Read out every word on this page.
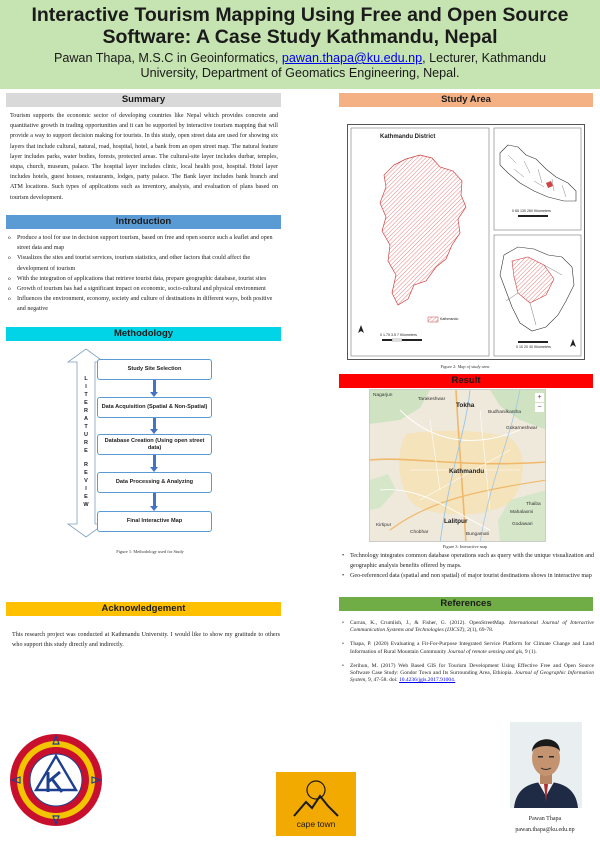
Interactive Tourism Mapping Using Free and Open Source
Software: A Case Study Kathmandu, Nepal
Pawan Thapa, M.S.C in Geoinformatics, pawan.thapa@ku.edu.np, Lecturer, Kathmandu
University, Department of Geomatics Engineering, Nepal.
Summary
Tourism supports the economic sector of developing countries like Nepal which provides concrete and quantitative growth in trading opportunities and it can be supported by interactive tourism mapping that will provide a way to support decision making for tourists. In this study, open street data are used for showing six layers that include cultural, natural, road, hospital, hotel, a bank from an open street map. The natural feature layer includes parks, water bodies, forests, protected areas. The cultural-site layer includes durbar, temples, stupa, church, museum, palace. The hospital layer includes clinic, local health post, hospital. Hotel layer includes hotels, guest houses, restaurants, lodges, party palace. The Bank layer includes bank branch and ATM locations. Such types of applications such as inventory, analysis, and evaluation of plans based on tourism development.
Introduction
o Produce a tool for use in decision support tourism, based on free and open source such a leaflet and open street data and map
o Visualizes the sites and tourist services, tourism statistics, and other factors that could affect the development of tourism
o With the integration of applications that retrieve tourist data, prepare geographic database, tourist sites
o Growth of tourism has had a significant impact on economic, socio-cultural and physical environment
o Influences the environment, economy, society and culture of destinations in different ways, both positive and negative
Methodology
L
I
T
E
R
A
T
U
R
E
R
E
V
I
E
W
Study Site Selection
Data Acquisition (Spatial & Non-Spatial)
Database Creation (Using open street data)
Data Processing & Analyzing
Final Interactive Map
Figure 1: Methodology used for Study
Acknowledgement
This research project was conducted at Kathmandu University. I would like to show my gratitude to others who support this study directly and indirectly.
Study Area
Kathmandu District
Kathmandu
0 1.75 3.5 7 Kilometers
0 65 130 260 Kilometers
0 10 20 40 Kilometers
Figure 2: Map of study area
Result
Tokha
Kathmandu
Lalitpur
Nagarjun
Tarakeshwar
Gokarneshwar
Budhanilkantha
Kirtipur
Chobhar	Bungamati
Mahalaxmi
Godawari
Thaiba
+
−
Figure 3: Interactive map
• Technology integrates common database operations such as query with the unique visualization and geographic analysis benefits offered by maps.
• Geo-referenced data (spatial and non spatial) of major tourist destinations shows in interactive map
References
• Curran, K., Crumlish, J., & Fisher, G. (2012). OpenStreetMap. International Journal of Interactive Communication Systems and Technologies (IJICST), 2(1), 69-78.
• Thapa, P. (2020) Evaluating a Fit-For-Purpose Integrated Service Platform for Climate Change and Land Information of Rural Mountain Community Journal of remote sensing and gis, 9 (1).
• Zerihun, M. (2017) Web Based GIS for Tourism Development Using Effective Free and Open Source Software Case Study: Gondor Town and Its Surrounding Area, Ethiopia. Journal of Geographic Information System, 9, 47-58. doi: 10.4236/jgis.2017.91004.
cape town	Pawan Thapa
pawan.thapa@ku.edu.np
